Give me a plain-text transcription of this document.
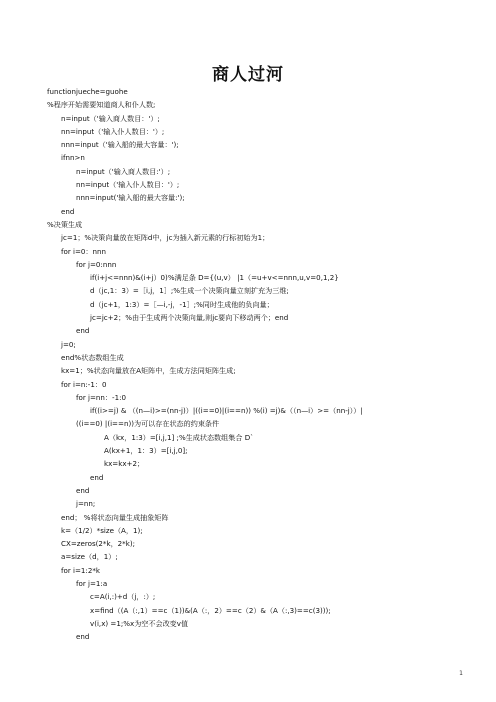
商人过河
functionjueche=guohe
%程序开始需要知道商人和仆人数;
n=input（'输入商人数目：'）;
nn=input（'输入仆人数目：'）;
nnn=input（'输入船的最大容量：');
ifnn>n
n=input（'输入商人数目:'）;
nn=input（'输入仆人数目：'）;
nnn=input('输入船的最大容量:');
end
%决策生成
jc=1；%决策向量放在矩阵d中，jc为插入新元素的行标初始为1；
for i=0：nnn
for j=0:nnn
if(i+j<=nnn)&(i+j）0)%满足条 D={(u,v） |1（=u+v<=nnn,u,v=0,1,2}
d（jc,1：3）=［i,j，1］;%生成一个决策向量立刻扩充为三维;
d（jc+1，1:3）=［—i,-j，-1］;%同时生成他的负向量；
jc=jc+2；%由于生成两个决策向量,则jc要向下移动两个；end
end
j=0;
end%状态数组生成
kx=1；%状态向量放在A矩阵中，生成方法同矩阵生成;
for i=n:-1：0
for j=nn：-1:0
if((i>=j) & （(n—i)>=(nn-j)）|((i==0)|(i==n)) %(i) =j)&（（n—i）>=（nn-j））|
((i==0) |(i==n))为可以存在状态的约束条件
A（kx，1:3）=[i,j,1] ;%生成状态数组集合 D`
A(kx+1，1：3）=[i,j,0];
kx=kx+2；
end
end
j=nn;
end； %将状态向量生成抽象矩阵
k=（1/2）*size（A，1);
CX=zeros(2*k，2*k);
a=size（d，1）;
for i=1:2*k
for j=1:a
c=A(i,:)+d（j，:）;
x=find（(A（:,1）==c（1))&(A（:，2）==c（2）&（A（:,3)==c(3)));
v(i,x) =1;%x为空不会改变v值
end
1
